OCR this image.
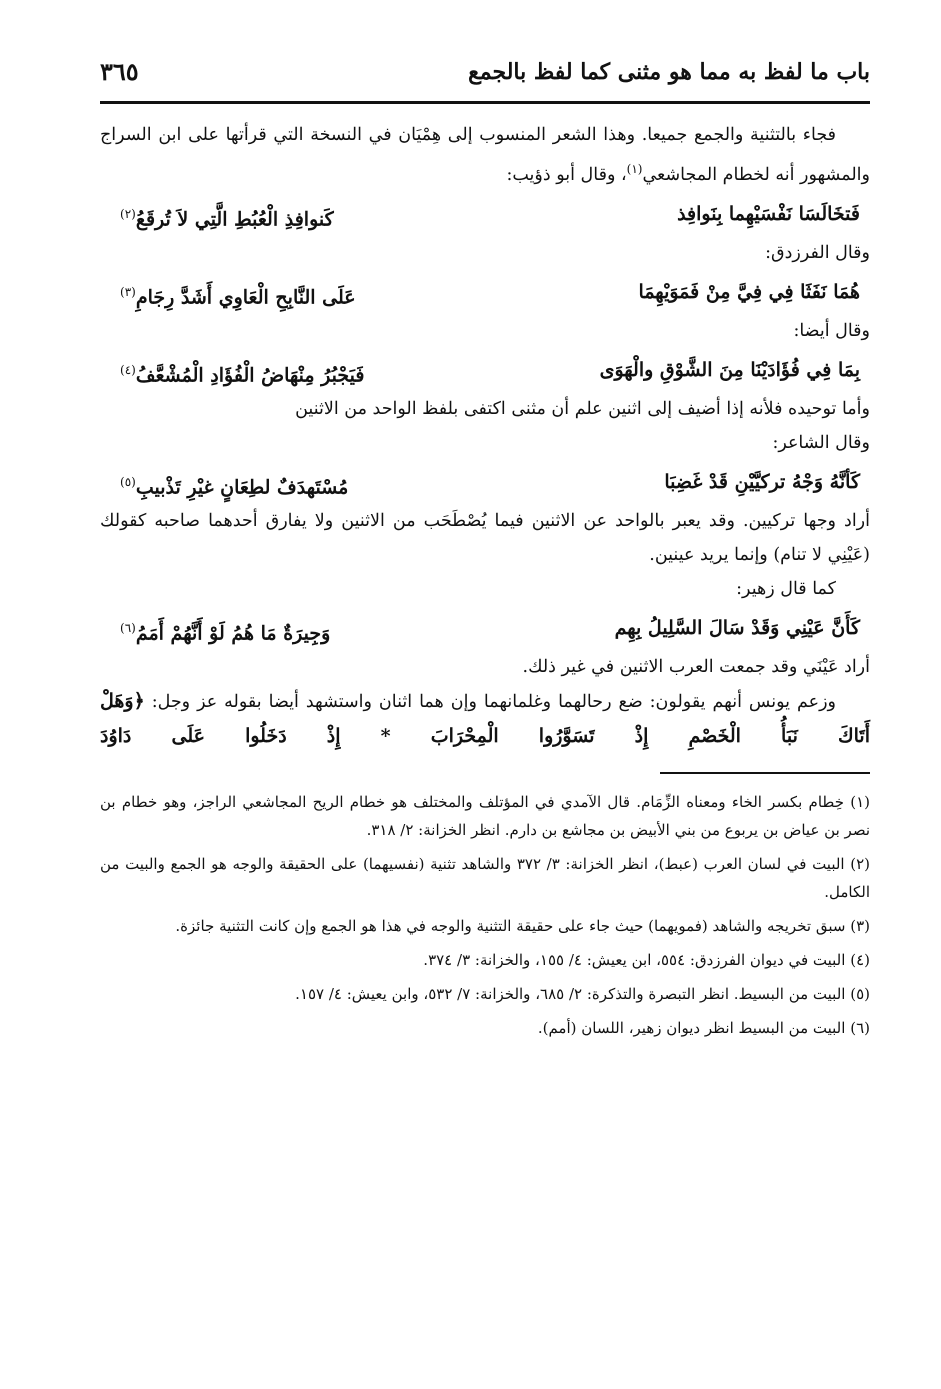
باب ما لفظ به مما هو مثنى كما لفظ بالجمع
٣٦٥

فجاء بالتثنية والجمع جميعا. وهذا الشعر المنسوب إلى هِمْيَان في النسخة التي قرأتها على ابن السراج والمشهور أنه لخطام المجاشعي$^{(١)}$، وقال أبو ذؤيب:

فَتخَالَسَا نَفْسَيْهِما بِنَوافِذ
كَنوافِذِ الْعُبُطِ الَّتِي لاَ تُرقَعُ$^{(٢)}$

وقال الفرزدق:

هُمَا نَفَثَا فِي فِيَّ مِنْ فَمَوَيْهِمَا
عَلَى النَّابِحِ الْعَاوِي أَشَدَّ رِجَامِ$^{(٣)}$

وقال أيضا:

بِمَا فِي فُؤَادَيْنَا مِنَ الشَّوْقِ والْهَوَى
فَيَجْبُرُ مِنْهَاضُ الْفُؤَادِ الْمُشْعَّفُ$^{(٤)}$

وأما توحيده فلأنه إذا أضيف إلى اثنين علم أن مثنى اكتفى بلفظ الواحد من الاثنين

وقال الشاعر:

كَأنَّهُ وَجْهُ تركيَّيْنِ قَدْ غَضِبَا
مُسْتَهدَفٌ لطِعَانٍ غيْرِ تَذْبيبِ$^{(٥)}$

أراد وجها تركيين. وقد يعبر بالواحد عن الاثنين فيما يُصْطَحَب من الاثنين ولا يفارق أحدهما صاحبه كقولك (عَيْنِي لا تنام) وإنما يريد عينين.

كما قال زهير:

كَأَنَّ عَيْنِي وَقَدْ سَالَ السَّلِيلُ بِهِم
وَجِيرَةٌ مَا هُمُ لَوْ أَنَّهُمْ أَمَمُ$^{(٦)}$

أراد عَيْنَي وقد جمعت العرب الاثنين في غير ذلك.

وزعم يونس أنهم يقولون: ضع رحالهما وغلمانهما وإن هما اثنان واستشهد أيضا بقوله عز وجل: ﴿وَهَلْ أَتَاكَ نَبَأُ الْخَصْمِ إِذْ تَسَوَّرُوا الْمِحْرَابَ * إِذْ دَخَلُوا عَلَى دَاوُدَ

(١) خِطام بكسر الخاء ومعناه الزِّمَام. قال الآمدي في المؤتلف والمختلف هو خطام الريح المجاشعي الراجز، وهو خطام بن نصر بن عياض بن يربوع من بني الأبيض بن مجاشع بن دارم. انظر الخزانة: ٢/ ٣١٨.

(٢) البيت في لسان العرب (عبط)، انظر الخزانة: ٣/ ٣٧٢ والشاهد تثنية (نفسيهما) على الحقيقة والوجه هو الجمع والبيت من الكامل.

(٣) سبق تخريجه والشاهد (فمويهما) حيث جاء على حقيقة التثنية والوجه في هذا هو الجمع وإن كانت التثنية جائزة.

(٤) البيت في ديوان الفرزدق: ٥٥٤، ابن يعيش: ٤/ ١٥٥، والخزانة: ٣/ ٣٧٤.

(٥) البيت من البسيط. انظر التبصرة والتذكرة: ٢/ ٦٨٥، والخزانة: ٧/ ٥٣٢، وابن يعيش: ٤/ ١٥٧.

(٦) البيت من البسيط انظر ديوان زهير، اللسان (أمم).
